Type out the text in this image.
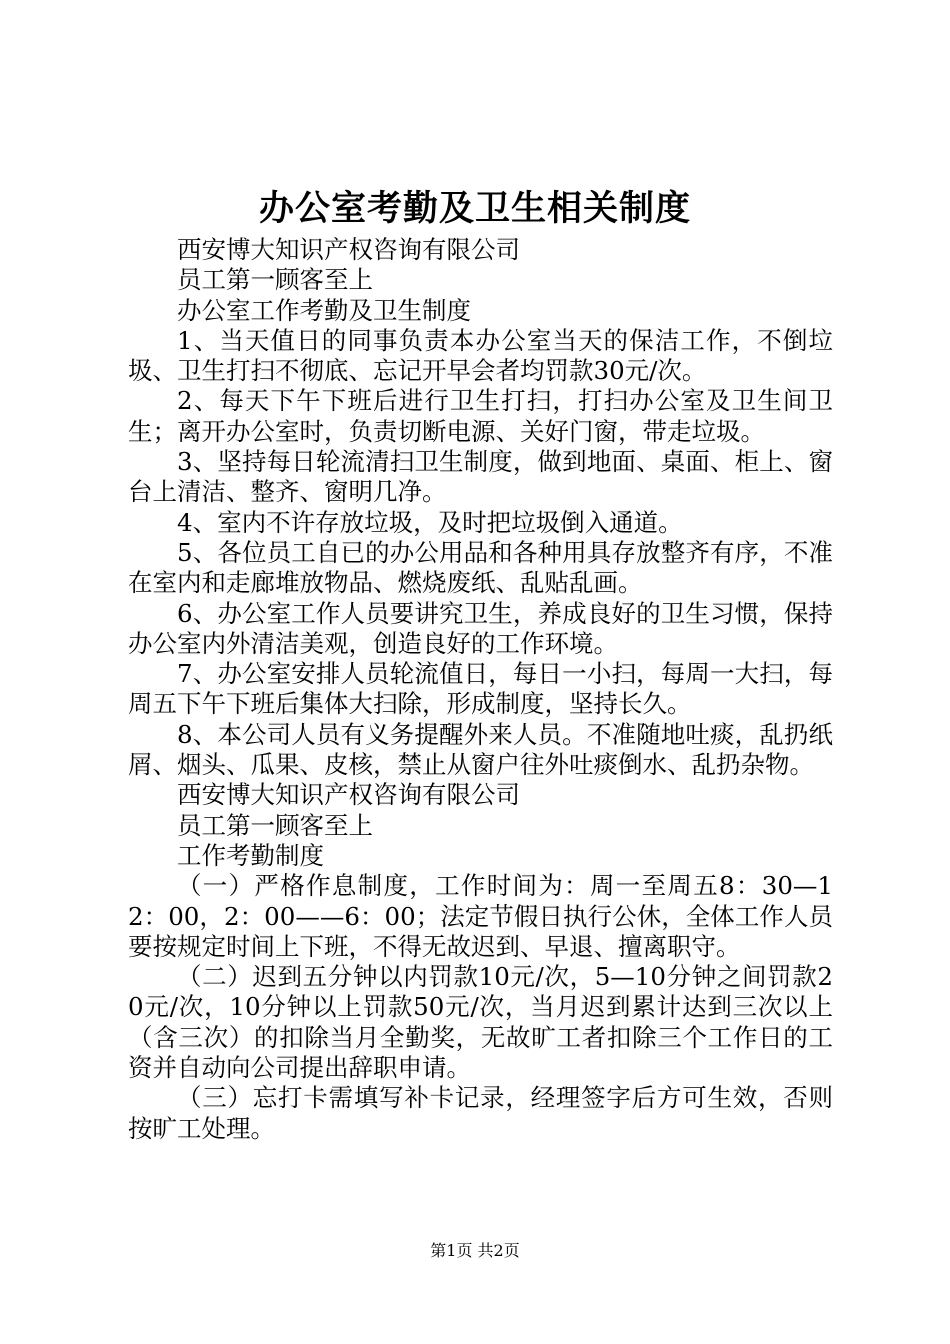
办公室考勤及卫生相关制度

西安博大知识产权咨询有限公司

员工第一顾客至上

办公室工作考勤及卫生制度

1、当天值日的同事负责本办公室当天的保洁工作，不倒垃圾、卫生打扫不彻底、忘记开早会者均罚款30元/次。

2、每天下午下班后进行卫生打扫，打扫办公室及卫生间卫生；离开办公室时，负责切断电源、关好门窗，带走垃圾。

3、坚持每日轮流清扫卫生制度，做到地面、桌面、柜上、窗台上清洁、整齐、窗明几净。

4、室内不许存放垃圾，及时把垃圾倒入通道。

5、各位员工自已的办公用品和各种用具存放整齐有序，不准在室内和走廊堆放物品、燃烧废纸、乱贴乱画。

6、办公室工作人员要讲究卫生，养成良好的卫生习惯，保持办公室内外清洁美观，创造良好的工作环境。

7、办公室安排人员轮流值日，每日一小扫，每周一大扫，每周五下午下班后集体大扫除，形成制度，坚持长久。

8、本公司人员有义务提醒外来人员。不准随地吐痰，乱扔纸屑、烟头、瓜果、皮核，禁止从窗户往外吐痰倒水、乱扔杂物。

西安博大知识产权咨询有限公司

员工第一顾客至上

工作考勤制度

（一）严格作息制度，工作时间为：周一至周五8：30—12：00，2：00——6：00；法定节假日执行公休，全体工作人员要按规定时间上下班，不得无故迟到、早退、擅离职守。

（二）迟到五分钟以内罚款10元/次，5—10分钟之间罚款20元/次，10分钟以上罚款50元/次，当月迟到累计达到三次以上（含三次）的扣除当月全勤奖，无故旷工者扣除三个工作日的工资并自动向公司提出辞职申请。

（三）忘打卡需填写补卡记录，经理签字后方可生效，否则按旷工处理。

第1页 共2页
